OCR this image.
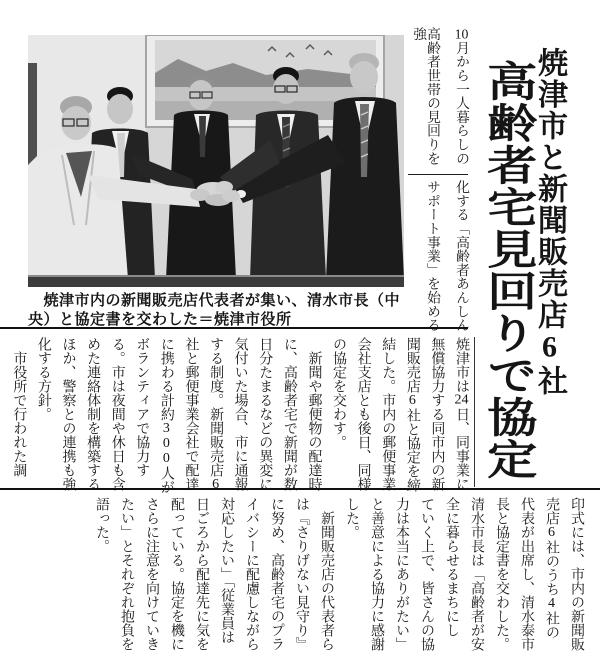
高齢者宅見回りで協定
焼津市と新聞販売店6社
10月から一人暮らしの
高齢者世帯の見回りを強
化する「高齢者あんしん
サポート事業」を始める
　焼津市内の新聞販売店代表者が集い、清水市長（中
央）と協定書を交わした＝焼津市役所
焼津市は24日、同事業に
無償協力する同市内の新
聞販売店6社と協定を締
結した。市内の郵便事業
会社支店とも後日、同様
の協定を交わす。
　新聞や郵便物の配達時
に、高齢者宅で新聞が数
日分たまるなどの異変に
気付いた場合、市に通報
する制度。新聞販売店6
社と郵便事業会社で配達
に携わる計約300人が
ボランティアで協力す
る。市は夜間や休日も含
めた連絡体制を構築する
ほか、警察との連携も強
化する方針。
　市役所で行われた調
印式には、市内の新聞販
売店6社のうち4社の
代表が出席し、清水泰市
長と協定書を交わした。
清水市長は「高齢者が安
全に暮らせるまちにし
ていく上で、皆さんの協
力は本当にありがたい」
と善意による協力に感謝
した。
　新聞販売店の代表者ら
は『さりげない見守り』
に努め、高齢者宅のプラ
イバシーに配慮しながら
対応したい」「従業員は
日ごろから配達先に気を
配っている。協定を機に
さらに注意を向けていき
たい」とそれぞれ抱負を
語った。
